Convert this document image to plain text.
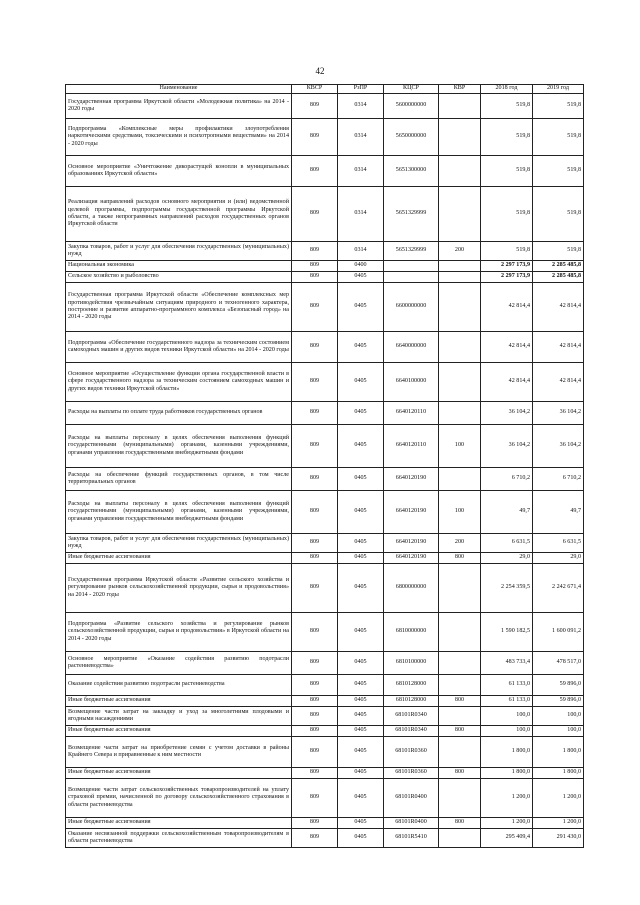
42
Наименование	КВСР	РзПР	КЦСР	КВР	2018 год	2019 год
Государственная программа Иркутской области «Молодежная политика» на 2014 - 2020 годы	809	0314	5600000000		519,8	519,8
Подпрограмма «Комплексные меры профилактики злоупотребления наркотическими средствами, токсическими и психотропными веществами» на 2014 - 2020 годы	809	0314	5650000000		519,8	519,8
Основное мероприятие «Уничтожение дикорастущей конопли в муниципальных образованиях Иркутской области»	809	0314	5651300000		519,8	519,8
Реализация направлений расходов основного мероприятия и (или) ведомственной целевой программы, подпрограммы государственной программы Иркутской области, а также непрограммных направлений расходов государственных органов Иркутской области	809	0314	5651329999		519,8	519,8
Закупка товаров, работ и услуг для обеспечения государственных (муниципальных) нужд	809	0314	5651329999	200	519,8	519,8
Национальная экономика	809	0400			2 297 173,9	2 285 485,8
Сельское хозяйство и рыболовство	809	0405			2 297 173,9	2 285 485,8
Государственная программа Иркутской области «Обеспечение комплексных мер противодействия чрезвычайным ситуациям природного и техногенного характера, построение и развитие аппаратно-программного комплекса «Безопасный город» на 2014 - 2020 годы	809	0405	6600000000		42 814,4	42 814,4
Подпрограмма «Обеспечение государственного надзора за техническим состоянием самоходных машин и других видов техники Иркутской области» на 2014 - 2020 годы	809	0405	6640000000		42 814,4	42 814,4
Основное мероприятие «Осуществление функции органа государственной власти в сфере государственного надзора за техническим состоянием самоходных машин и других видов техники Иркутской области»	809	0405	6640100000		42 814,4	42 814,4
Расходы на выплаты по оплате труда работников государственных органов	809	0405	6640120110		36 104,2	36 104,2
Расходы на выплаты персоналу в целях обеспечения выполнения функций государственными (муниципальными) органами, казенными учреждениями, органами управления государственными внебюджетными фондами	809	0405	6640120110	100	36 104,2	36 104,2
Расходы на обеспечение функций государственных органов, в том числе территориальных органов	809	0405	6640120190		6 710,2	6 710,2
Расходы на выплаты персоналу в целях обеспечения выполнения функций государственными (муниципальными) органами, казенными учреждениями, органами управления государственными внебюджетными фондами	809	0405	6640120190	100	49,7	49,7
Закупка товаров, работ и услуг для обеспечения государственных (муниципальных) нужд	809	0405	6640120190	200	6 631,5	6 631,5
Иные бюджетные ассигнования	809	0405	6640120190	800	29,0	29,0
Государственная программа Иркутской области «Развитие сельского хозяйства и регулирование рынков сельскохозяйственной продукции, сырья и продовольствия» на 2014 - 2020 годы	809	0405	6800000000		2 254 359,5	2 242 671,4
Подпрограмма «Развитие сельского хозяйства и регулирование рынков сельскохозяйственной продукции, сырья и продовольствия» в Иркутской области на 2014 - 2020 годы	809	0405	6810000000		1 590 182,5	1 600 091,2
Основное мероприятие «Оказание содействия развитию подотрасли растениеводства»	809	0405	6810100000		483 733,4	478 517,0
Оказание содействия развитию подотрасли растениеводства	809	0405	6810128000		61 133,0	59 896,0
Иные бюджетные ассигнования	809	0405	6810128000	800	61 133,0	59 896,0
Возмещение части затрат на закладку и уход за многолетними плодовыми и ягодными насаждениями	809	0405	68101R0340		100,0	100,0
Иные бюджетные ассигнования	809	0405	68101R0340	800	100,0	100,0
Возмещение части затрат на приобретение семян с учетом доставки в районы Крайнего Севера и приравненные к ним местности	809	0405	68101R0360		1 800,0	1 800,0
Иные бюджетные ассигнования	809	0405	68101R0360	800	1 800,0	1 800,0
Возмещение части затрат сельскохозяйственных товаропроизводителей на уплату страховой премии, начисленной по договору сельскохозяйственного страхования в области растениеводства	809	0405	68101R0400		1 200,0	1 200,0
Иные бюджетные ассигнования	809	0405	68101R0400	800	1 200,0	1 200,0
Оказание несвязанной поддержки сельскохозяйственным товаропроизводителям в области растениеводства	809	0405	68101R5410		295 409,4	291 430,0
